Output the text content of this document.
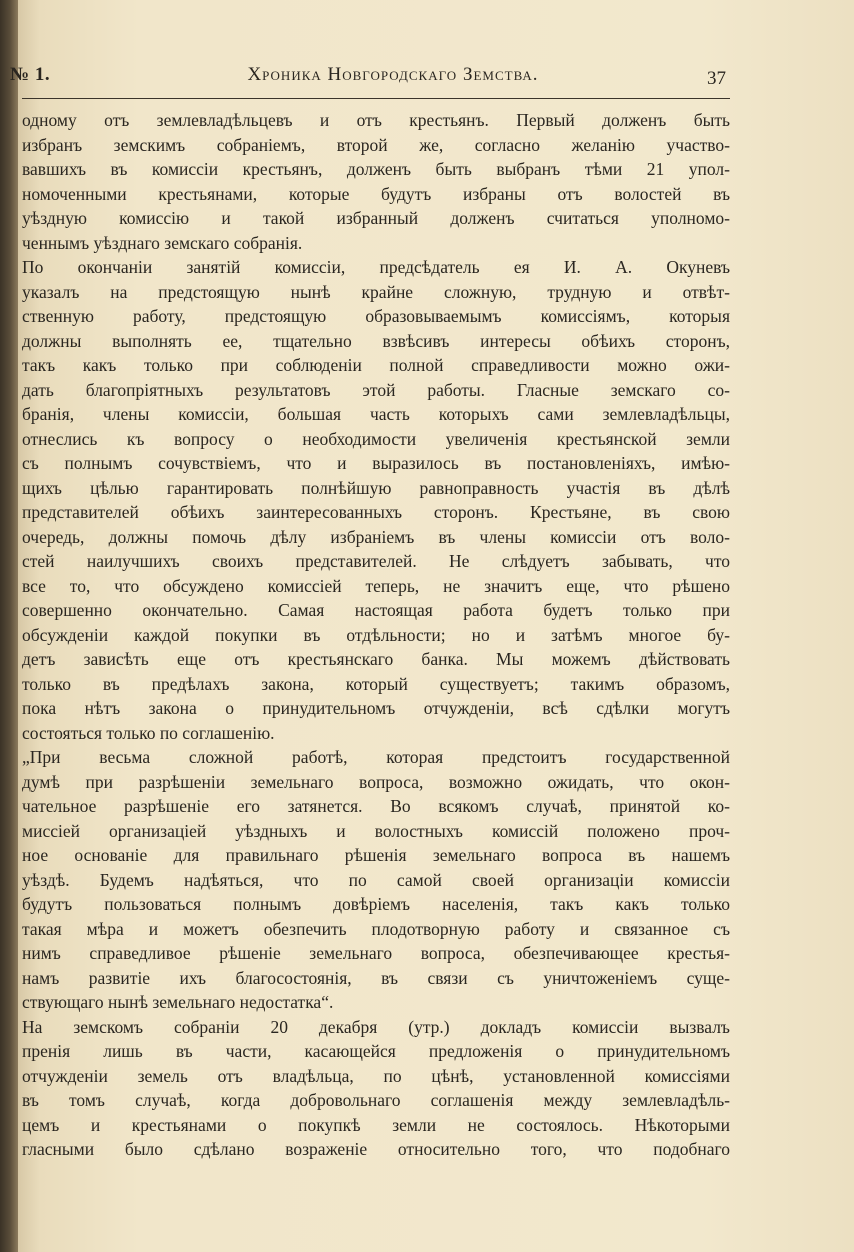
№ 1.	Хроника Новгородскаго Земства.	37
одному отъ землевладѣльцевъ и отъ крестьянъ. Первый долженъ быть
избранъ земскимъ собраніемъ, второй же, согласно желанію участво-
вавшихъ въ комиссіи крестьянъ, долженъ быть выбранъ тѣми 21 упол-
номоченными крестьянами, которые будутъ избраны отъ волостей въ
уѣздную комиссію и такой избранный долженъ считаться уполномо-
ченнымъ уѣзднаго земскаго собранія.
По окончаніи занятій комиссіи, предсѣдатель ея И. А. Окуневъ
указалъ на предстоящую нынѣ крайне сложную, трудную и отвѣт-
ственную работу, предстоящую образовываемымъ комиссіямъ, которыя
должны выполнять ее, тщательно взвѣсивъ интересы обѣихъ сторонъ,
такъ какъ только при соблюденіи полной справедливости можно ожи-
дать благопріятныхъ результатовъ этой работы. Гласные земскаго со-
бранія, члены комиссіи, большая часть которыхъ сами землевладѣльцы,
отнеслись къ вопросу о необходимости увеличенія крестьянской земли
съ полнымъ сочувствіемъ, что и выразилось въ постановленіяхъ, имѣю-
щихъ цѣлью гарантировать полнѣйшую равноправность участія въ дѣлѣ
представителей обѣихъ заинтересованныхъ сторонъ. Крестьяне, въ свою
очередь, должны помочь дѣлу избраніемъ въ члены комиссіи отъ воло-
стей наилучшихъ своихъ представителей. Не слѣдуетъ забывать, что
все то, что обсуждено комиссіей теперь, не значитъ еще, что рѣшено
совершенно окончательно. Самая настоящая работа будетъ только при
обсужденіи каждой покупки въ отдѣльности; но и затѣмъ многое бу-
детъ зависѣть еще отъ крестьянскаго банка. Мы можемъ дѣйствовать
только въ предѣлахъ закона, который существуетъ; такимъ образомъ,
пока нѣтъ закона о принудительномъ отчужденіи, всѣ сдѣлки могутъ
состояться только по соглашенію.
„При весьма сложной работѣ, которая предстоитъ государственной
думѣ при разрѣшеніи земельнаго вопроса, возможно ожидать, что окон-
чательное разрѣшеніе его затянется. Во всякомъ случаѣ, принятой ко-
миссіей организаціей уѣздныхъ и волостныхъ комиссій положено проч-
ное основаніе для правильнаго рѣшенія земельнаго вопроса въ нашемъ
уѣздѣ. Будемъ надѣяться, что по самой своей организаціи комиссіи
будутъ пользоваться полнымъ довѣріемъ населенія, такъ какъ только
такая мѣра и можетъ обезпечить плодотворную работу и связанное съ
нимъ справедливое рѣшеніе земельнаго вопроса, обезпечивающее крестья-
намъ развитіе ихъ благосостоянія, въ связи съ уничтоженіемъ суще-
ствующаго нынѣ земельнаго недостатка“.
На земскомъ собраніи 20 декабря (утр.) докладъ комиссіи вызвалъ
пренія лишь въ части, касающейся предложенія о принудительномъ
отчужденіи земель отъ владѣльца, по цѣнѣ, установленной комиссіями
въ томъ случаѣ, когда добровольнаго соглашенія между землевладѣль-
цемъ и крестьянами о покупкѣ земли не состоялось. Нѣкоторыми
гласными было сдѣлано возраженіе относительно того, что подобнаго
